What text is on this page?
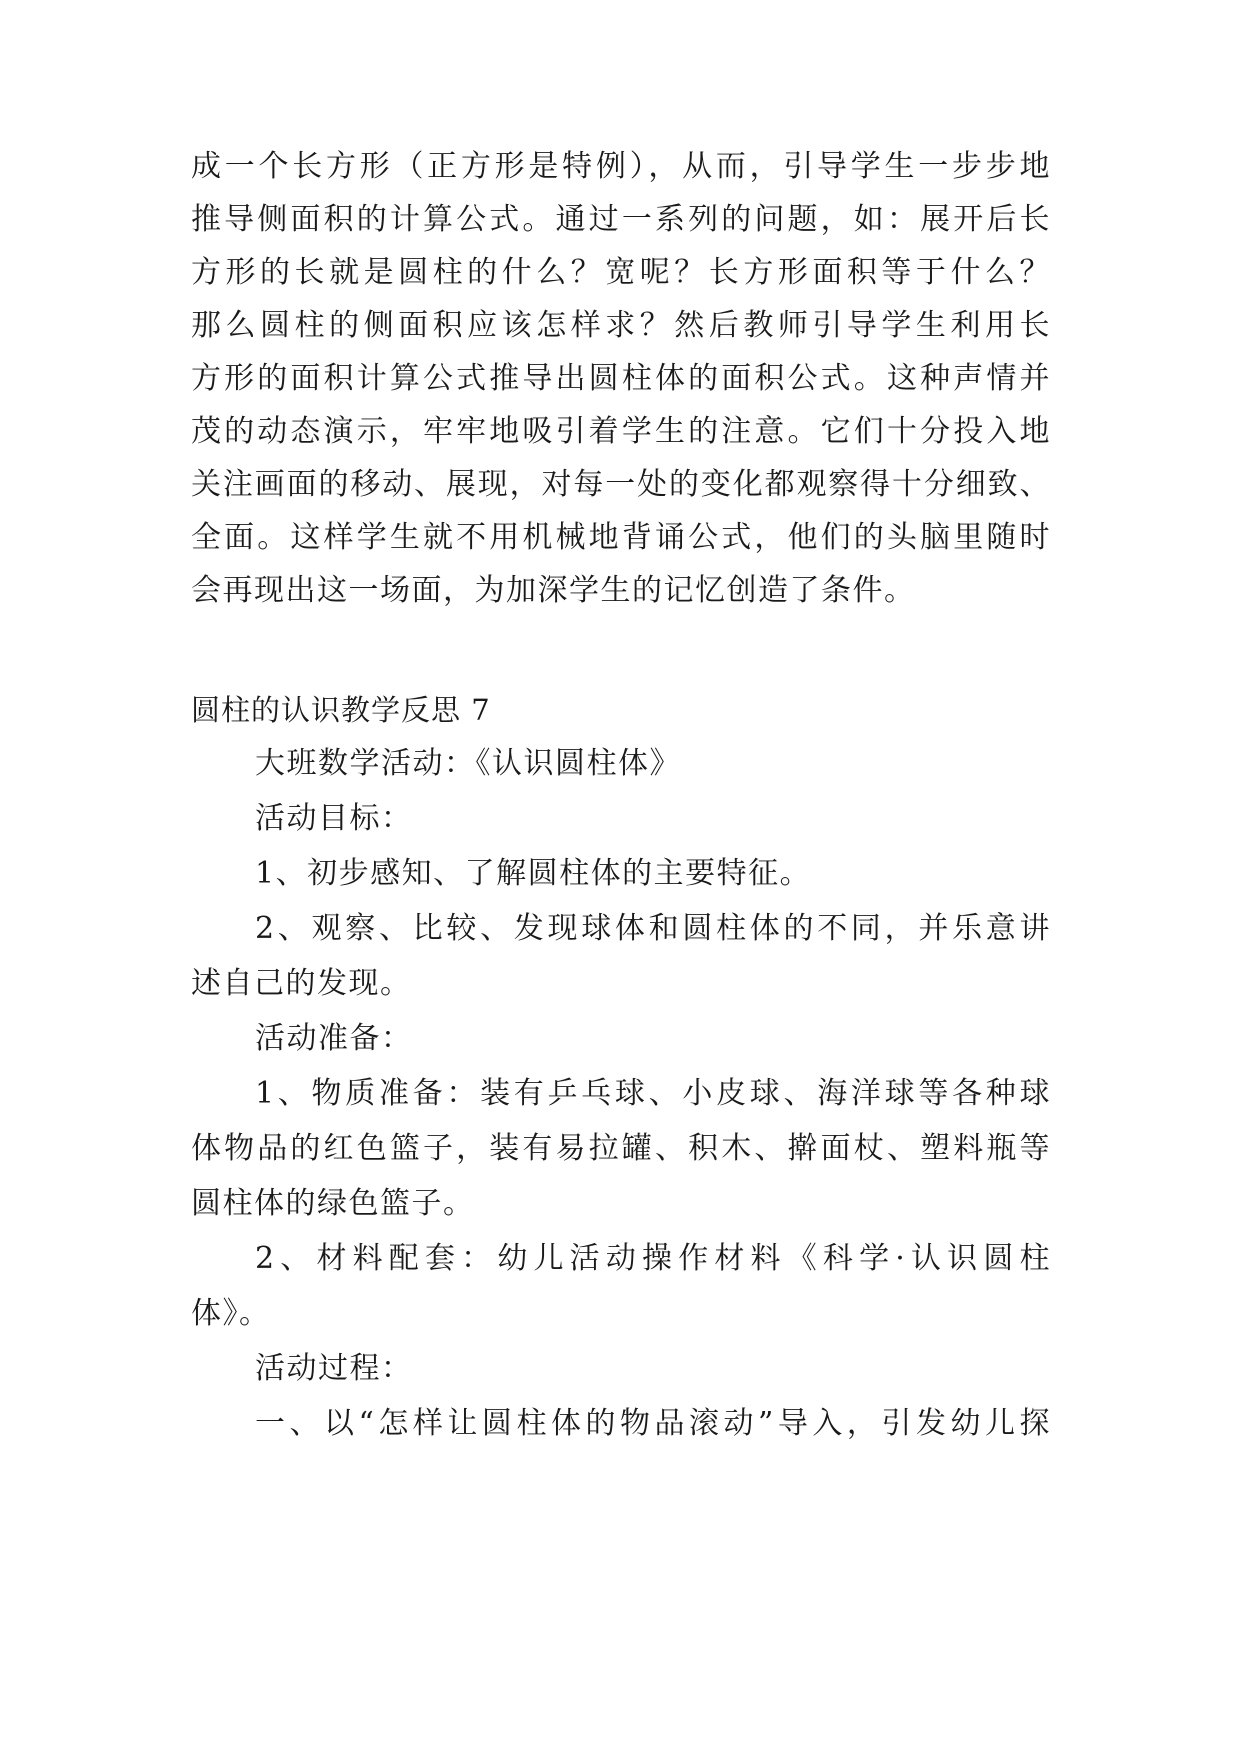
成一个长方形（正方形是特例），从而，引导学生一步步地
推导侧面积的计算公式。通过一系列的问题，如：展开后长
方形的长就是圆柱的什么？宽呢？长方形面积等于什么？
那么圆柱的侧面积应该怎样求？然后教师引导学生利用长
方形的面积计算公式推导出圆柱体的面积公式。这种声情并
茂的动态演示，牢牢地吸引着学生的注意。它们十分投入地
关注画面的移动、展现，对每一处的变化都观察得十分细致、
全面。这样学生就不用机械地背诵公式，他们的头脑里随时
会再现出这一场面，为加深学生的记忆创造了条件。
圆柱的认识教学反思 7
大班数学活动：《认识圆柱体》
活动目标：
1、初步感知、了解圆柱体的主要特征。
2、观察、比较、发现球体和圆柱体的不同，并乐意讲
述自己的发现。
活动准备：
1、物质准备：装有乒乓球、小皮球、海洋球等各种球
体物品的红色篮子，装有易拉罐、积木、擀面杖、塑料瓶等
圆柱体的绿色篮子。
2、材料配套：幼儿活动操作材料《科学·认识圆柱
体》。
活动过程：
一、以“怎样让圆柱体的物品滚动”导入，引发幼儿探
